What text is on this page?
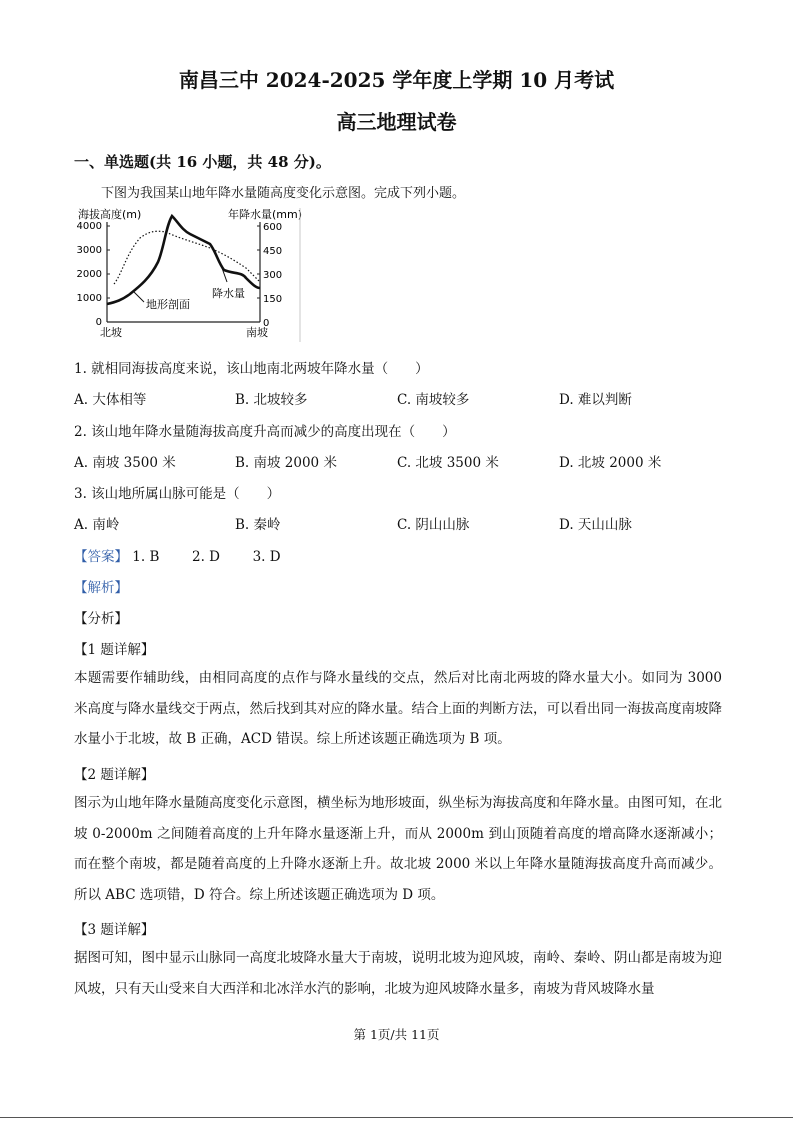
南昌三中 2024-2025 学年度上学期 10 月考试
高三地理试卷
一、单选题(共 16 小题，共 48 分)。
下图为我国某山地年降水量随高度变化示意图。完成下列小题。
海拔高度(m)	年降水量(mm)
4000
3000
2000
1000
0
600
450
300
150
0
地形剖面
降水量
北坡	南坡
1. 就相同海拔高度来说，该山地南北两坡年降水量（　　）
A. 大体相等	B. 北坡较多	C. 南坡较多	D. 难以判断
2. 该山地年降水量随海拔高度升高而减少的高度出现在（　　）
A. 南坡 3500 米	B. 南坡 2000 米	C. 北坡 3500 米	D. 北坡 2000 米
3. 该山地所属山脉可能是（　　）
A. 南岭	B. 秦岭	C. 阴山山脉	D. 天山山脉
【答案】 1. B 2. D 3. D
【解析】
【分析】
【1 题详解】
本题需要作辅助线，由相同高度的点作与降水量线的交点，然后对比南北两坡的降水量大小。如同为 3000 米高度与降水量线交于两点，然后找到其对应的降水量。结合上面的判断方法，可以看出同一海拔高度南坡降水量小于北坡，故 B 正确，ACD 错误。综上所述该题正确选项为 B 项。
【2 题详解】
图示为山地年降水量随高度变化示意图，横坐标为地形坡面，纵坐标为海拔高度和年降水量。由图可知，在北坡 0-2000m 之间随着高度的上升年降水量逐渐上升，而从 2000m 到山顶随着高度的增高降水逐渐减小；而在整个南坡，都是随着高度的上升降水逐渐上升。故北坡 2000 米以上年降水量随海拔高度升高而减少。所以 ABC 选项错，D 符合。综上所述该题正确选项为 D 项。
【3 题详解】
据图可知，图中显示山脉同一高度北坡降水量大于南坡，说明北坡为迎风坡，南岭、秦岭、阴山都是南坡为迎风坡，只有天山受来自大西洋和北冰洋水汽的影响，北坡为迎风坡降水量多，南坡为背风坡降水量
第 1页/共 11页
